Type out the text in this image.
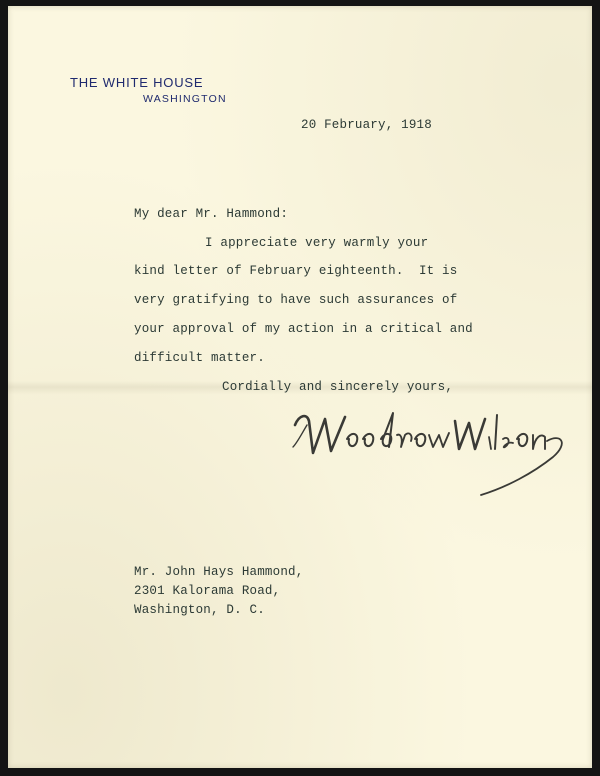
THE WHITE HOUSE
WASHINGTON
20 February, 1918
My dear Mr. Hammond:
I appreciate very warmly your
kind letter of February eighteenth.  It is
very gratifying to have such assurances of
your approval of my action in a critical and
difficult matter.
Cordially and sincerely yours,
Mr. John Hays Hammond,
2301 Kalorama Road,
Washington, D. C.
